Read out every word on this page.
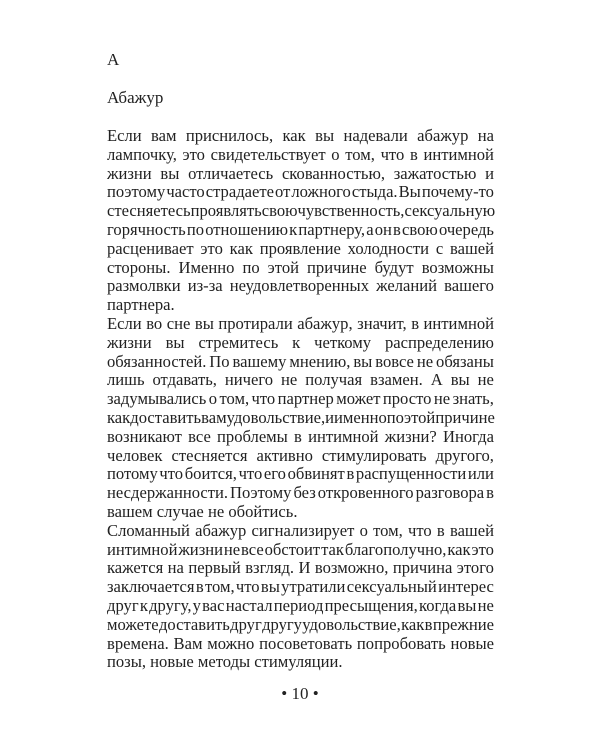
А
Абажур
Если вам приснилось, как вы надевали абажур на
лампочку, это свидетельствует о том, что в интимной
жизни вы отличаетесь скованностью, зажатостью и
поэтому часто страдаете от ложного стыда. Вы почему-то
стесняетесь проявлять свою чувственность, сексуальную
горячность по отношению к партнеру, а он в свою очередь
расценивает это как проявление холодности с вашей
стороны. Именно по этой причине будут возможны
размолвки из-за неудовлетворенных желаний вашего
партнера.
Если во сне вы протирали абажур, значит, в интимной
жизни вы стремитесь к четкому распределению
обязанностей. По вашему мнению, вы вовсе не обязаны
лишь отдавать, ничего не получая взамен. А вы не
задумывались о том, что партнер может просто не знать,
как доставить вам удовольствие, и именно по этой причине
возникают все проблемы в интимной жизни? Иногда
человек стесняется активно стимулировать другого,
потому что боится, что его обвинят в распущенности или
несдержанности. Поэтому без откровенного разговора в
вашем случае не обойтись.
Сломанный абажур сигнализирует о том, что в вашей
интимной жизни не все обстоит так благополучно, как это
кажется на первый взгляд. И возможно, причина этого
заключается в том, что вы утратили сексуальный интерес
друг к другу, у вас настал период пресыщения, когда вы не
можете доставить друг другу удовольствие, как в прежние
времена. Вам можно посоветовать попробовать новые
позы, новые методы стимуляции.
• 10 •
